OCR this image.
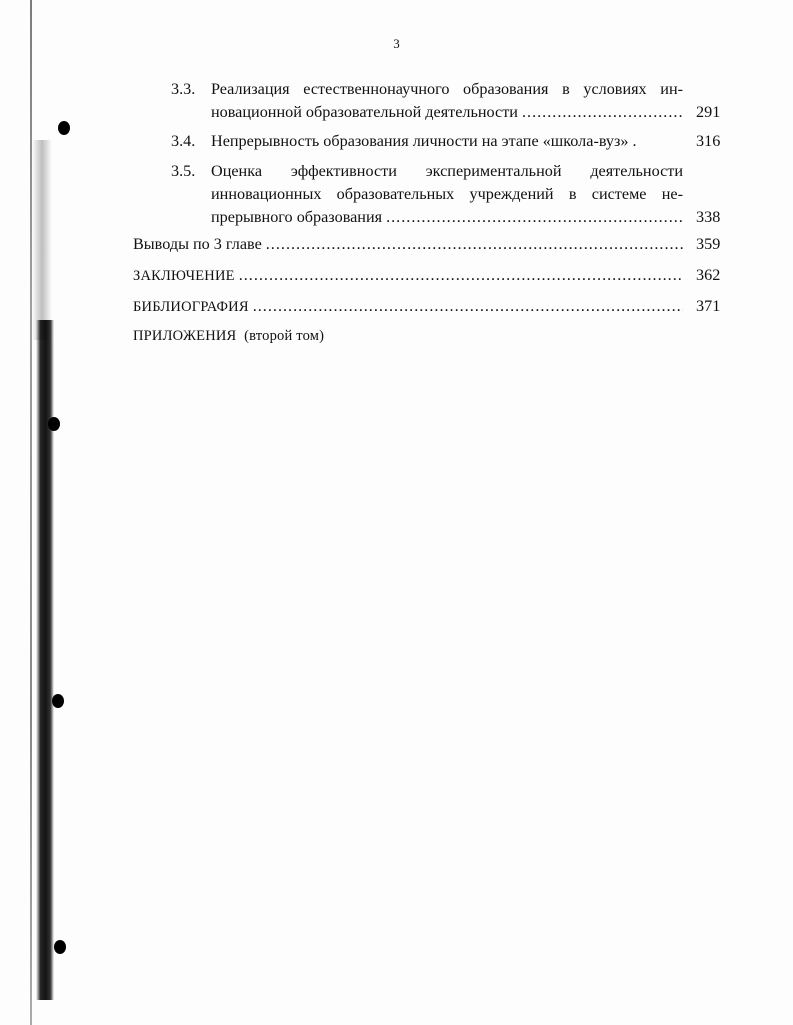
3
3.3. Реализация естественнонаучного образования в условиях ин-
новационной образовательной деятельности .....	291
3.4. Непрерывность образования личности на этапе «школа-вуз» .	316
3.5. Оценка эффективности экспериментальной деятельности
инновационных образовательных учреждений в системе не-
прерывного образования .....	338
Выводы по 3 главе .....	359
ЗАКЛЮЧЕНИЕ .....	362
БИБЛИОГРАФИЯ .....	371
ПРИЛОЖЕНИЯ  (второй том)
